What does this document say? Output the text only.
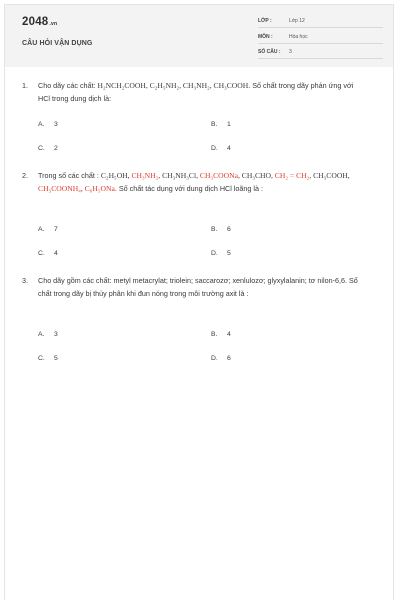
2048.vn
CÂU HỎI VẬN DỤNG
LỚP :	Lớp 12
MÔN :	Hóa học
SỐ CÂU : 3
1.	Cho dãy các chất: H₂NCH₂COOH, C₂H₅NH₂, CH₃NH₂, CH₃COOH. Số chất trong dãy phản ứng với HCl trong dung dịch là:
A. 3	B. 1
C. 2	D. 4
2.	Trong số các chất : C₂H₅OH, CH₃NH₂, CH₃NH₃Cl, CH₃COONa, CH₃CHO, CH₂ = CH₂, CH₃COOH, CH₃COONH₄, C₆H₅ONa. Số chất tác dụng với dung dịch HCl loãng là :
A. 7	B. 6
C. 4	D. 5
3.	Cho dãy gồm các chất: metyl metacrylat; triolein; saccarozơ; xenlulozơ; glyxylalanin; tơ nilon-6,6. Số chất trong dãy bị thủy phân khi đun nóng trong môi trường axit là :
A. 3	B. 4
C. 5	D. 6
